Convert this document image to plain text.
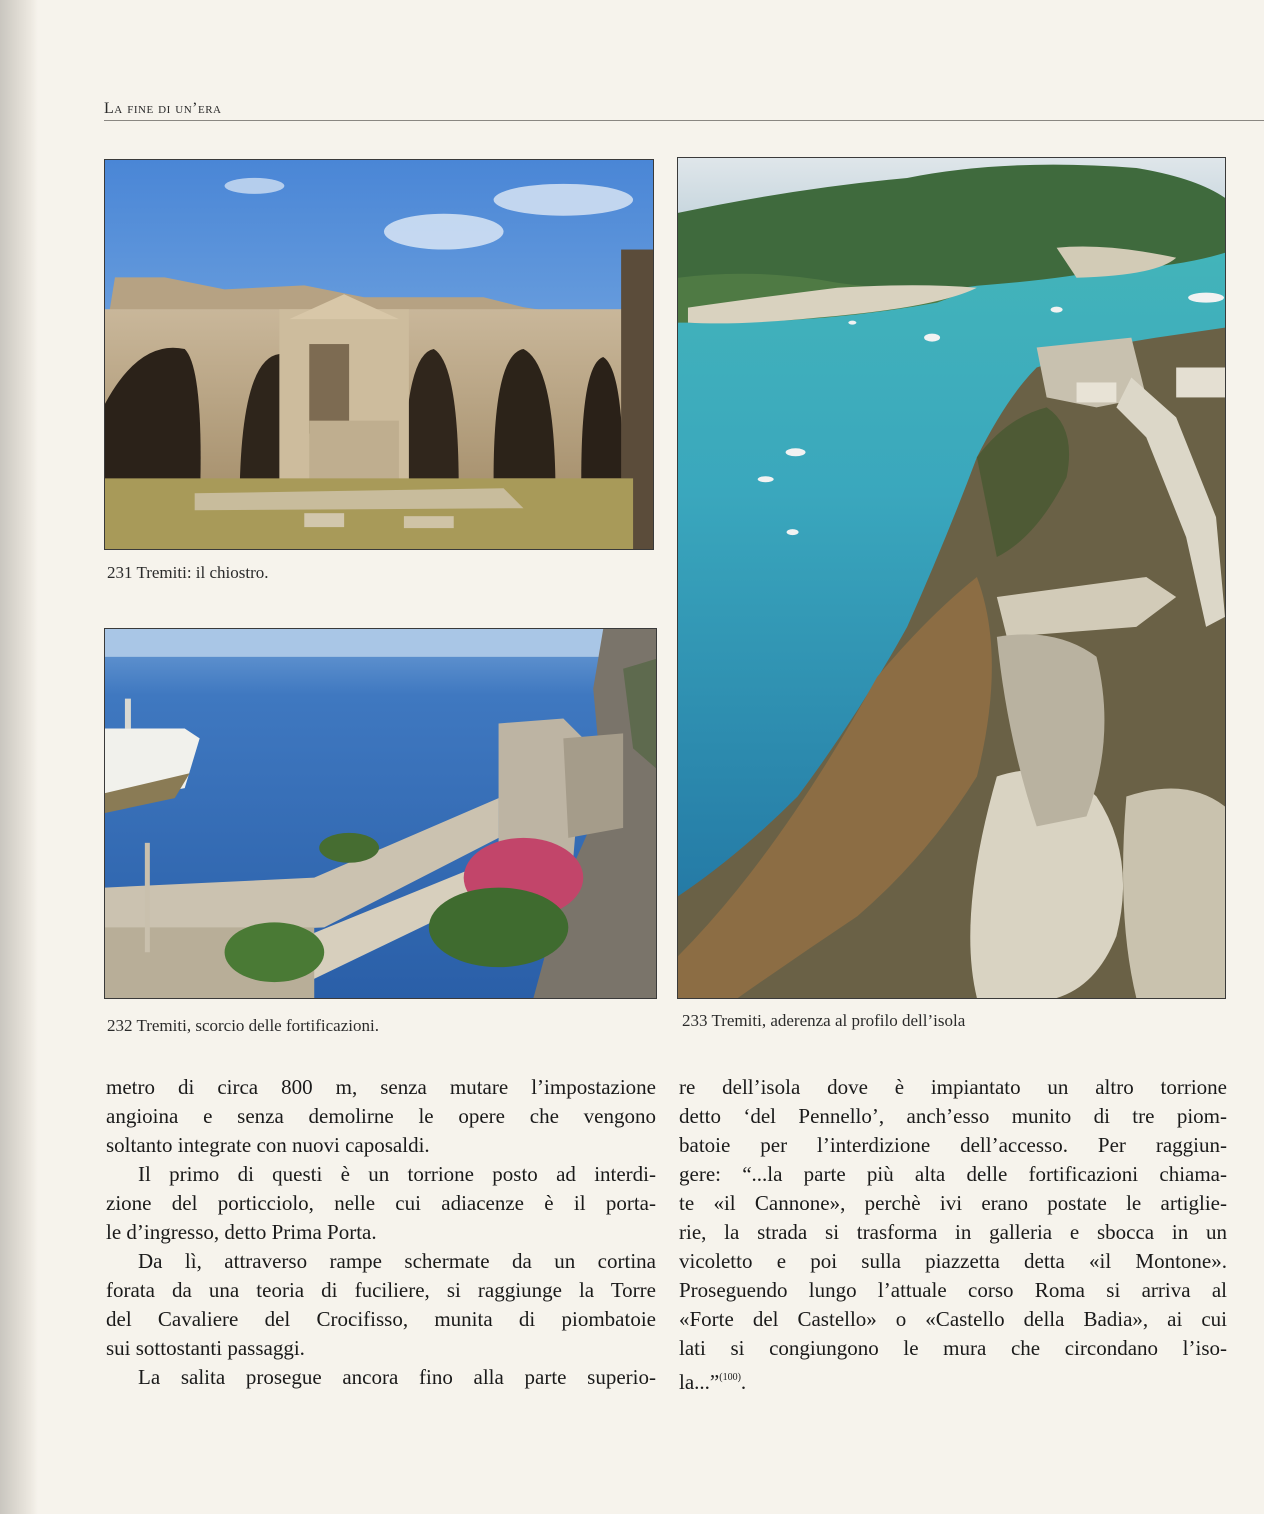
La fine di un’era
231 Tremiti: il chiostro.
232 Tremiti, scorcio delle fortificazioni.	233 Tremiti, aderenza al profilo dell’isola
metro di circa 800 m, senza mutare l’impostazione
angioina e senza demolirne le opere che vengono
soltanto integrate con nuovi caposaldi.
Il primo di questi è un torrione posto ad interdi-
zione del porticciolo, nelle cui adiacenze è il porta-
le d’ingresso, detto Prima Porta.
Da lì, attraverso rampe schermate da un cortina
forata da una teoria di fuciliere, si raggiunge la Torre
del Cavaliere del Crocifisso, munita di piombatoie
sui sottostanti passaggi.
La salita prosegue ancora fino alla parte superio-
re dell’isola dove è impiantato un altro torrione
detto ‘del Pennello’, anch’esso munito di tre piom-
batoie per l’interdizione dell’accesso. Per raggiun-
gere: “...la parte più alta delle fortificazioni chiama-
te «il Cannone», perchè ivi erano postate le artiglie-
rie, la strada si trasforma in galleria e sbocca in un
vicoletto e poi sulla piazzetta detta «il Montone».
Proseguendo lungo l’attuale corso Roma si arriva al
«Forte del Castello» o «Castello della Badia», ai cui
lati si congiungono le mura che circondano l’iso-
la...”$^{(100)}$.
